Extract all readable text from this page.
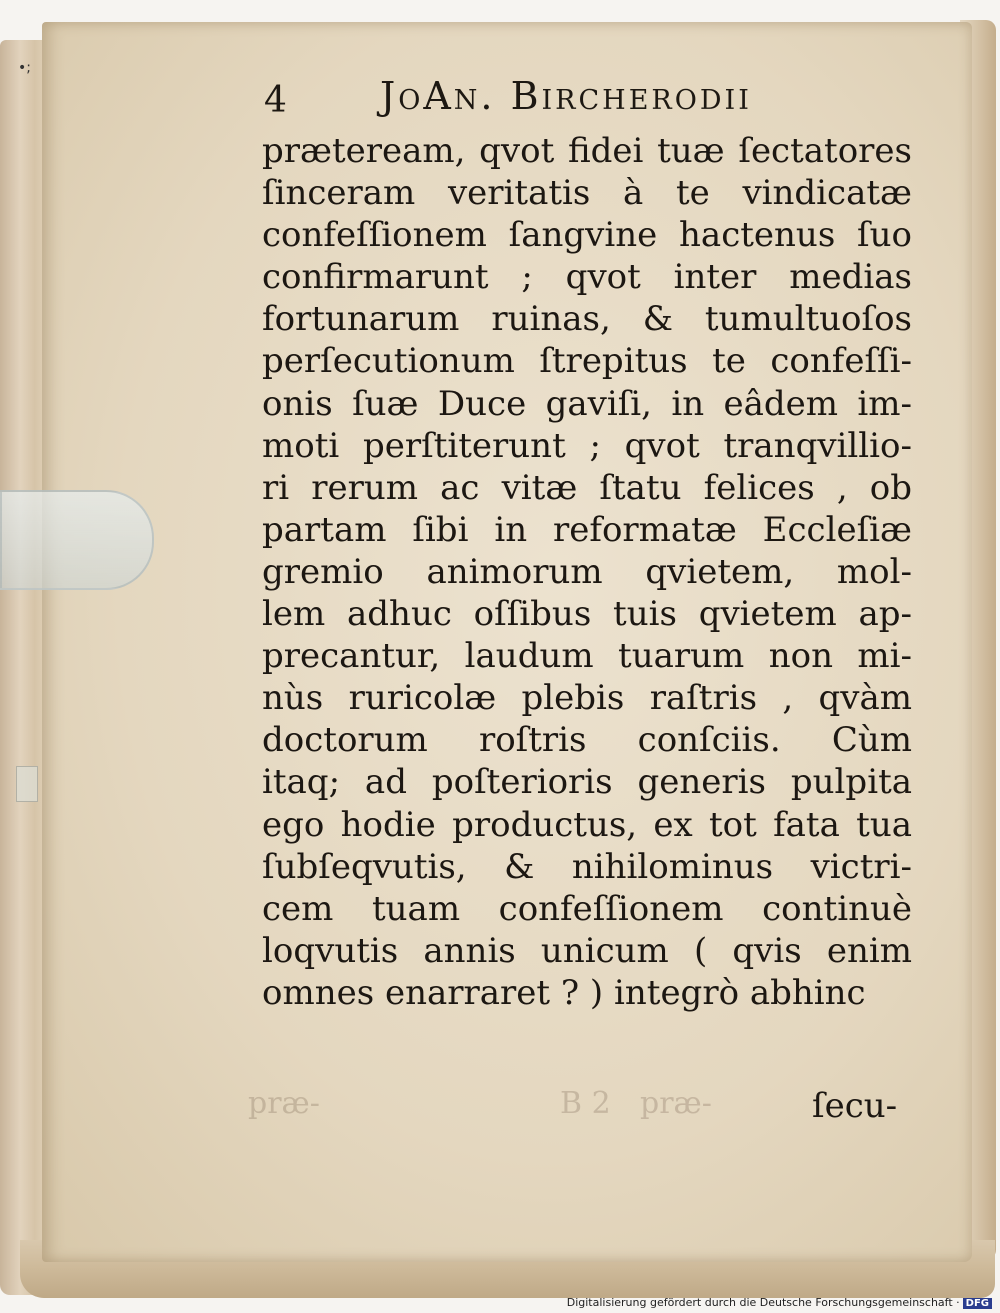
•;
4 JoAn. Bircherodii
prætеream, qvot fidei tuæ ſectatores
ſinceram veritatis à te vindicatæ
confeſſionem ſangvine hactenus ſuo
confirmarunt ; qvot inter medias
fortunarum ruinas, & tumultuoſos
perſecutionum ſtrepitus te confeſſi-
onis ſuæ Duce gaviſi, in eâdem im-
moti perſtiterunt ; qvot tranqvillio-
ri rerum ac vitæ ſtatu felices , ob
partam ſibi in reformatæ Eccleſiæ
gremio animorum qvietem, mol-
lem adhuc oſſibus tuis qvietem ap-
precantur, laudum tuarum non mi-
nùs ruricolæ plebis raſtris , qvàm
doctorum roſtris conſciis. Cùm
itaq; ad poſterioris generis pulpita
ego hodie productus, ex tot fata tua
ſubſeqvutis, & nihilominus victri-
cem tuam confeſſionem continuè
loqvutis annis unicum ( qvis enim
omnes enarraret ? ) integrò abhinc
præ-	B 2 præ-	ſecu-
Digitalisierung gefördert durch die Deutsche Forschungsgemeinschaft · DFG
